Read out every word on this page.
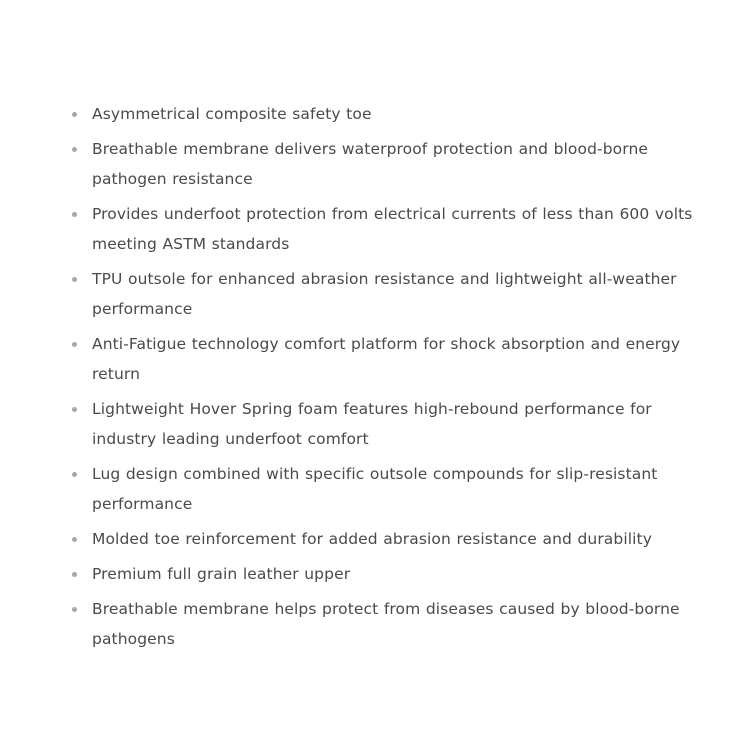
Asymmetrical composite safety toe
Breathable membrane delivers waterproof protection and blood-borne pathogen resistance
Provides underfoot protection from electrical currents of less than 600 volts meeting ASTM standards
TPU outsole for enhanced abrasion resistance and lightweight all-weather performance
Anti-Fatigue technology comfort platform for shock absorption and energy return
Lightweight Hover Spring foam features high-rebound performance for industry leading underfoot comfort
Lug design combined with specific outsole compounds for slip-resistant performance
Molded toe reinforcement for added abrasion resistance and durability
Premium full grain leather upper
Breathable membrane helps protect from diseases caused by blood-borne pathogens
